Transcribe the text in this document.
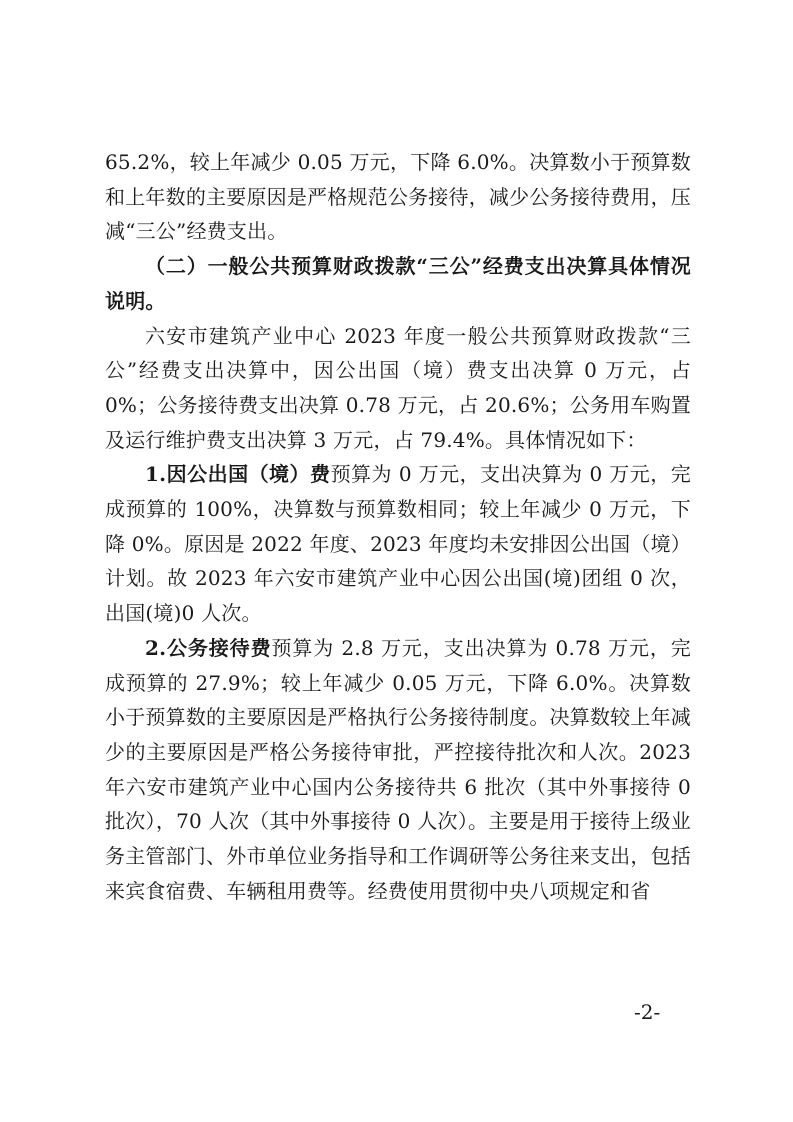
65.2%，较上年减少 0.05 万元，下降 6.0%。决算数小于预算数和上年数的主要原因是严格规范公务接待，减少公务接待费用，压减“三公”经费支出。

（二）一般公共预算财政拨款“三公”经费支出决算具体情况说明。

六安市建筑产业中心 2023 年度一般公共预算财政拨款“三公”经费支出决算中，因公出国（境）费支出决算 0 万元，占 0%；公务接待费支出决算 0.78 万元，占 20.6%；公务用车购置及运行维护费支出决算 3 万元，占 79.4%。具体情况如下：

1.因公出国（境）费预算为 0 万元，支出决算为 0 万元，完成预算的 100%，决算数与预算数相同；较上年减少 0 万元，下降 0%。原因是 2022 年度、2023 年度均未安排因公出国（境）计划。故 2023 年六安市建筑产业中心因公出国(境)团组 0 次，出国(境)0 人次。

2.公务接待费预算为 2.8 万元，支出决算为 0.78 万元，完成预算的 27.9%；较上年减少 0.05 万元，下降 6.0%。决算数小于预算数的主要原因是严格执行公务接待制度。决算数较上年减少的主要原因是严格公务接待审批，严控接待批次和人次。2023 年六安市建筑产业中心国内公务接待共 6 批次（其中外事接待 0 批次），70 人次（其中外事接待 0 人次）。主要是用于接待上级业务主管部门、外市单位业务指导和工作调研等公务往来支出，包括来宾食宿费、车辆租用费等。经费使用贯彻中央八项规定和省

-2-
